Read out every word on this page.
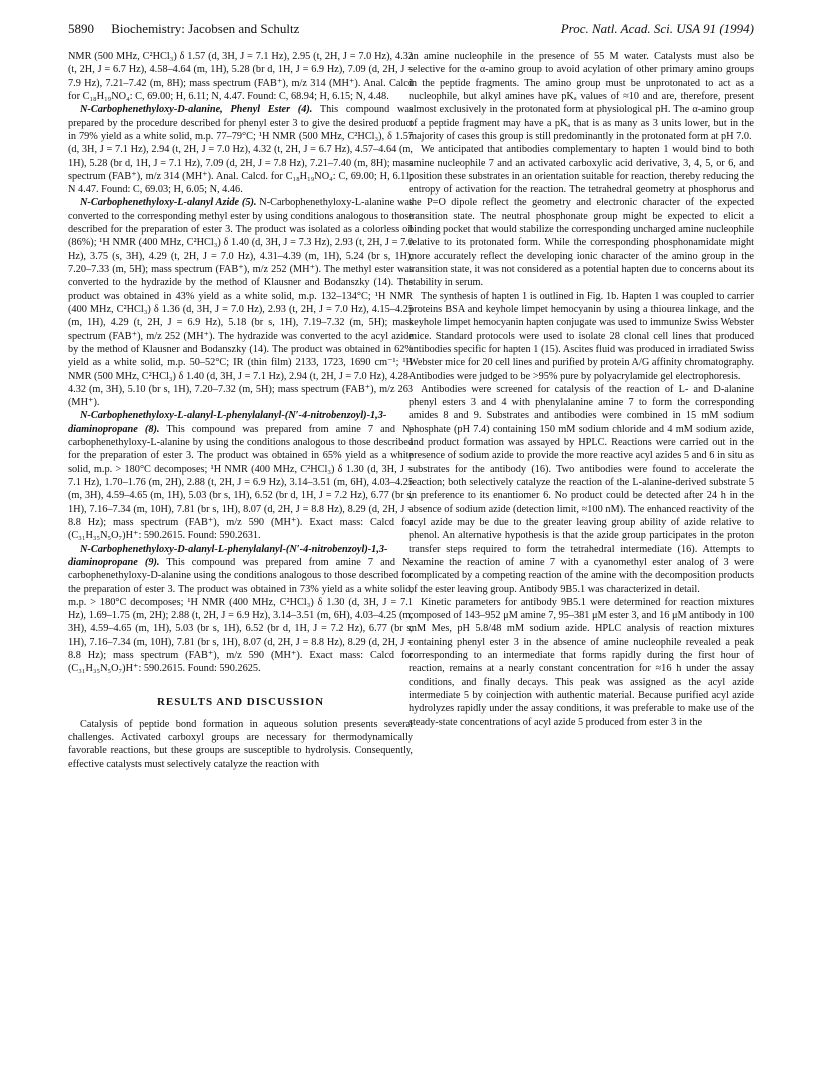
5890 Biochemistry: Jacobsen and Schultz	Proc. Natl. Acad. Sci. USA 91 (1994)

NMR (500 MHz, C²HCl₃) δ 1.57 (d, 3H, J = 7.1 Hz), 2.95 (t, 2H, J = 7.0 Hz), 4.32 (t, 2H, J = 6.7 Hz), 4.58–4.64 (m, 1H), 5.28 (br d, 1H, J = 6.9 Hz), 7.09 (d, 2H, J = 7.9 Hz), 7.21–7.42 (m, 8H); mass spectrum (FAB⁺), m/z 314 (MH⁺). Anal. Calcd for C₁₈H₁₉NO₄: C, 69.00; H, 6.11; N, 4.47. Found: C, 68.94; H, 6.15; N, 4.48.

N-Carbophenethyloxy-D-alanine, Phenyl Ester (4). This compound was prepared by the procedure described for phenyl ester 3 to give the desired product in 79% yield as a white solid, m.p. 77–79°C; ¹H NMR (500 MHz, C²HCl₃), δ 1.57 (d, 3H, J = 7.1 Hz), 2.94 (t, 2H, J = 7.0 Hz), 4.32 (t, 2H, J = 6.7 Hz), 4.57–4.64 (m, 1H), 5.28 (br d, 1H, J = 7.1 Hz), 7.09 (d, 2H, J = 7.8 Hz), 7.21–7.40 (m, 8H); mass spectrum (FAB⁺), m/z 314 (MH⁺). Anal. Calcd. for C₁₈H₁₉NO₄: C, 69.00; H, 6.11; N 4.47. Found: C, 69.03; H, 6.05; N, 4.46.

N-Carbophenethyloxy-L-alanyl Azide (5). N-Carbophenethyloxy-L-alanine was converted to the corresponding methyl ester by using conditions analogous to those described for the preparation of ester 3. The product was isolated as a colorless oil (86%); ¹H NMR (400 MHz, C²HCl₃) δ 1.40 (d, 3H, J = 7.3 Hz), 2.93 (t, 2H, J = 7.0 Hz), 3.75 (s, 3H), 4.29 (t, 2H, J = 7.0 Hz), 4.31–4.39 (m, 1H), 5.24 (br s, 1H), 7.20–7.33 (m, 5H); mass spectrum (FAB⁺), m/z 252 (MH⁺). The methyl ester was converted to the hydrazide by the method of Klausner and Bodanszky (14). The product was obtained in 43% yield as a white solid, m.p. 132–134°C; ¹H NMR (400 MHz, C²HCl₃) δ 1.36 (d, 3H, J = 7.0 Hz), 2.93 (t, 2H, J = 7.0 Hz), 4.15–4.25 (m, 1H), 4.29 (t, 2H, J = 6.9 Hz), 5.18 (br s, 1H), 7.19–7.32 (m, 5H); mass spectrum (FAB⁺), m/z 252 (MH⁺). The hydrazide was converted to the acyl azide by the method of Klausner and Bodanszky (14). The product was obtained in 62% yield as a white solid, m.p. 50–52°C; IR (thin film) 2133, 1723, 1690 cm⁻¹; ¹H NMR (500 MHz, C²HCl₃) δ 1.40 (d, 3H, J = 7.1 Hz), 2.94 (t, 2H, J = 7.0 Hz), 4.28–4.32 (m, 3H), 5.10 (br s, 1H), 7.20–7.32 (m, 5H); mass spectrum (FAB⁺), m/z 263 (MH⁺).

N-Carbophenethyloxy-L-alanyl-L-phenylalanyl-(N′-4-nitrobenzoyl)-1,3-diaminopropane (8). This compound was prepared from amine 7 and N-carbophenethyloxy-L-alanine by using the conditions analogous to those described for the preparation of ester 3. The product was obtained in 65% yield as a white solid, m.p. > 180°C decomposes; ¹H NMR (400 MHz, C²HCl₃) δ 1.30 (d, 3H, J = 7.1 Hz), 1.70–1.76 (m, 2H), 2.88 (t, 2H, J = 6.9 Hz), 3.14–3.51 (m, 6H), 4.03–4.25 (m, 3H), 4.59–4.65 (m, 1H), 5.03 (br s, 1H), 6.52 (br d, 1H, J = 7.2 Hz), 6.77 (br s, 1H), 7.16–7.34 (m, 10H), 7.81 (br s, 1H), 8.07 (d, 2H, J = 8.8 Hz), 8.29 (d, 2H, J = 8.8 Hz); mass spectrum (FAB⁺), m/z 590 (MH⁺). Exact mass: Calcd for (C₃₁H₃₅N₅O₇)H⁺: 590.2615. Found: 590.2631.

N-Carbophenethyloxy-D-alanyl-L-phenylalanyl-(N′-4-nitrobenzoyl)-1,3-diaminopropane (9). This compound was prepared from amine 7 and N-carbophenethyloxy-D-alanine using the conditions analogous to those described for the preparation of ester 3. The product was obtained in 73% yield as a white solid, m.p. > 180°C decomposes; ¹H NMR (400 MHz, C²HCl₃) δ 1.30 (d, 3H, J = 7.1 Hz), 1.69–1.75 (m, 2H); 2.88 (t, 2H, J = 6.9 Hz), 3.14–3.51 (m, 6H), 4.03–4.25 (m, 3H), 4.59–4.65 (m, 1H), 5.03 (br s, 1H), 6.52 (br d, 1H, J = 7.2 Hz), 6.77 (br s, 1H), 7.16–7.34 (m, 10H), 7.81 (br s, 1H), 8.07 (d, 2H, J = 8.8 Hz), 8.29 (d, 2H, J = 8.8 Hz); mass spectrum (FAB⁺), m/z 590 (MH⁺). Exact mass: Calcd for (C₃₁H₃₅N₅O₇)H⁺: 590.2615. Found: 590.2625.

RESULTS AND DISCUSSION

Catalysis of peptide bond formation in aqueous solution presents several challenges. Activated carboxyl groups are necessary for thermodynamically favorable reactions, but these groups are susceptible to hydrolysis. Consequently, effective catalysts must selectively catalyze the reaction with

an amine nucleophile in the presence of 55 M water. Catalysts must also be selective for the α-amino group to avoid acylation of other primary amino groups in the peptide fragments. The amino group must be unprotonated to act as a nucleophile, but alkyl amines have pKₐ values of ≈10 and are, therefore, present almost exclusively in the protonated form at physiological pH. The α-amino group of a peptide fragment may have a pKₐ that is as many as 3 units lower, but in the majority of cases this group is still predominantly in the protonated form at pH 7.0.

We anticipated that antibodies complementary to hapten 1 would bind to both amine nucleophile 7 and an activated carboxylic acid derivative, 3, 4, 5, or 6, and position these substrates in an orientation suitable for reaction, thereby reducing the entropy of activation for the reaction. The tetrahedral geometry at phosphorus and the P=O dipole reflect the geometry and electronic character of the expected transition state. The neutral phosphonate group might be expected to elicit a binding pocket that would stabilize the corresponding uncharged amine nucleophile relative to its protonated form. While the corresponding phosphonamidate might more accurately reflect the developing ionic character of the amino group in the transition state, it was not considered as a potential hapten due to concerns about its stability in serum.

The synthesis of hapten 1 is outlined in Fig. 1b. Hapten 1 was coupled to carrier proteins BSA and keyhole limpet hemocyanin by using a thiourea linkage, and the keyhole limpet hemocyanin hapten conjugate was used to immunize Swiss Webster mice. Standard protocols were used to isolate 28 clonal cell lines that produced antibodies specific for hapten 1 (15). Ascites fluid was produced in irradiated Swiss Webster mice for 20 cell lines and purified by protein A/G affinity chromatography. Antibodies were judged to be >95% pure by polyacrylamide gel electrophoresis.

Antibodies were screened for catalysis of the reaction of L- and D-alanine phenyl esters 3 and 4 with phenylalanine amine 7 to form the corresponding amides 8 and 9. Substrates and antibodies were combined in 15 mM sodium phosphate (pH 7.4) containing 150 mM sodium chloride and 4 mM sodium azide, and product formation was assayed by HPLC. Reactions were carried out in the presence of sodium azide to provide the more reactive acyl azides 5 and 6 in situ as substrates for the antibody (16). Two antibodies were found to accelerate the reaction; both selectively catalyze the reaction of the L-alanine-derived substrate 5 in preference to its enantiomer 6. No product could be detected after 24 h in the absence of sodium azide (detection limit, ≈100 nM). The enhanced reactivity of the acyl azide may be due to the greater leaving group ability of azide relative to phenol. An alternative hypothesis is that the azide group participates in the proton transfer steps required to form the tetrahedral intermediate (16). Attempts to examine the reaction of amine 7 with a cyanomethyl ester analog of 3 were complicated by a competing reaction of the amine with the decomposition products of the ester leaving group. Antibody 9B5.1 was characterized in detail.

Kinetic parameters for antibody 9B5.1 were determined for reaction mixtures composed of 143–952 μM amine 7, 95–381 μM ester 3, and 16 μM antibody in 100 mM Mes, pH 5.8/48 mM sodium azide. HPLC analysis of reaction mixtures containing phenyl ester 3 in the absence of amine nucleophile revealed a peak corresponding to an intermediate that forms rapidly during the first hour of reaction, remains at a nearly constant concentration for ≈16 h under the assay conditions, and finally decays. This peak was assigned as the acyl azide intermediate 5 by coinjection with authentic material. Because purified acyl azide hydrolyzes rapidly under the assay conditions, it was preferable to make use of the steady-state concentrations of acyl azide 5 produced from ester 3 in the
